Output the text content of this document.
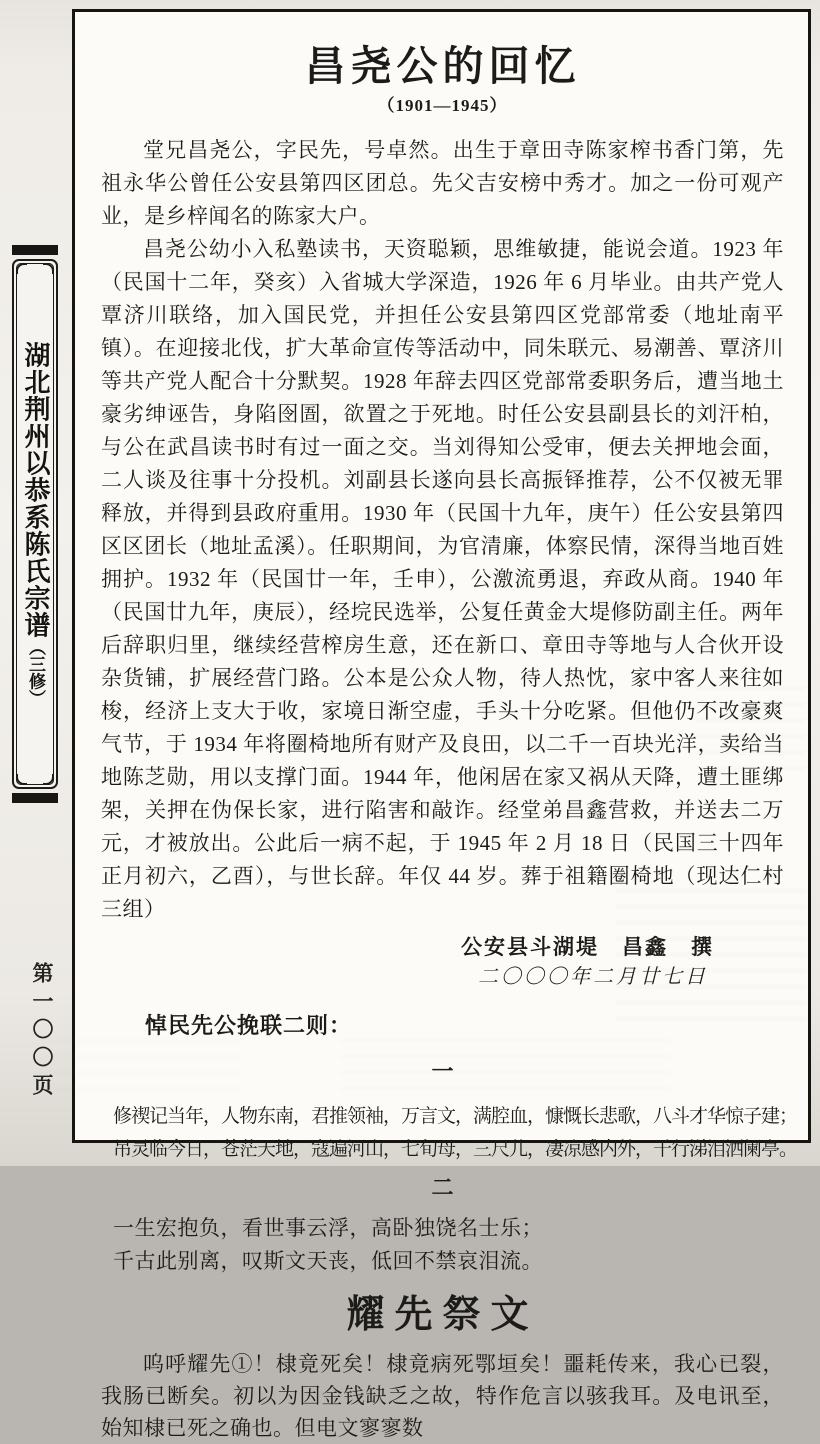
湖北荆州以恭系陈氏宗谱（三修）
第一〇〇页
昌尧公的回忆
（1901—1945）

堂兄昌尧公，字民先，号卓然。出生于章田寺陈家榨书香门第，先祖永华公曾任公安县第四区团总。先父吉安榜中秀才。加之一份可观产业，是乡梓闻名的陈家大户。

昌尧公幼小入私塾读书，天资聪颖，思维敏捷，能说会道。1923 年（民国十二年，癸亥）入省城大学深造，1926 年 6 月毕业。由共产党人覃济川联络，加入国民党，并担任公安县第四区党部常委（地址南平镇）。在迎接北伐，扩大革命宣传等活动中，同朱联元、易潮善、覃济川等共产党人配合十分默契。1928 年辞去四区党部常委职务后，遭当地土豪劣绅诬告，身陷囹圄，欲置之于死地。时任公安县副县长的刘汗柏，与公在武昌读书时有过一面之交。当刘得知公受审，便去关押地会面，二人谈及往事十分投机。刘副县长遂向县长高振铎推荐，公不仅被无罪释放，并得到县政府重用。1930 年（民国十九年，庚午）任公安县第四区区团长（地址孟溪）。任职期间，为官清廉，体察民情，深得当地百姓拥护。1932 年（民国廿一年，壬申），公激流勇退，弃政从商。1940 年（民国廿九年，庚辰），经垸民选举，公复任黄金大堤修防副主任。两年后辞职归里，继续经营榨房生意，还在新口、章田寺等地与人合伙开设杂货铺，扩展经营门路。公本是公众人物，待人热忱，家中客人来往如梭，经济上支大于收，家境日渐空虚，手头十分吃紧。但他仍不改豪爽气节，于 1934 年将圈椅地所有财产及良田，以二千一百块光洋，卖给当地陈芝勋，用以支撑门面。1944 年，他闲居在家又祸从天降，遭土匪绑架，关押在伪保长家，进行陷害和敲诈。经堂弟昌鑫营救，并送去二万元，才被放出。公此后一病不起，于 1945 年 2 月 18 日（民国三十四年正月初六，乙酉），与世长辞。年仅 44 岁。葬于祖籍圈椅地（现达仁村三组）

公安县斗湖堤　昌鑫　撰
二〇〇〇年二月廿七日
悼民先公挽联二则：
一
修禊记当年，人物东南，君推领袖，万言文，满腔血，慷慨长悲歌，八斗才华惊子建；
吊灵临今日，苍茫天地，寇遍河山，七旬母，三尺儿，凄凉感内外，千行涕泪洒阑亭。
二
一生宏抱负，看世事云浮，高卧独饶名士乐；
千古此别离，叹斯文天丧，低回不禁哀泪流。
耀先祭文

呜呼耀先①！棣竟死矣！棣竟病死鄂垣矣！噩耗传来，我心已裂，我肠已断矣。初以为因金钱缺乏之故，特作危言以骇我耳。及电讯至，始知棣已死之确也。但电文寥寥数
